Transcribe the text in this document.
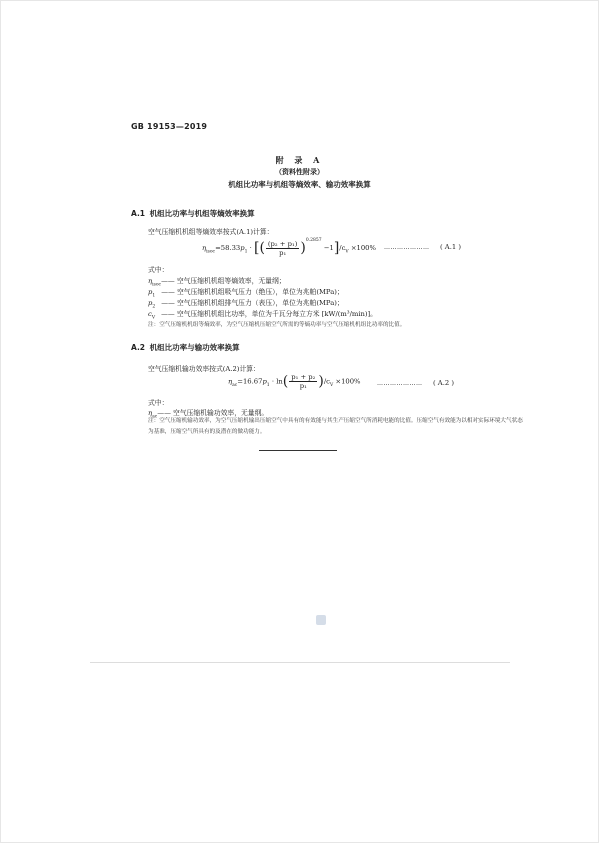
GB 19153—2019
附 录 A
（资料性附录）
机组比功率与机组等熵效率、输功效率换算
A.1 机组比功率与机组等熵效率换算
空气压缩机机组等熵效率按式(A.1)计算：
$\eta_{isoc}=58.33p_1$ · [( $\frac{\text{(p₂ + p₁)}}{\text{p₁}} )^{0.2857} -1]/c_V \times 100\%$ ………………… ( A.1 )
式中：
$\eta_{isoc}——$ 空气压缩机机组等熵效率，无量纲；
$p_1$ —— 空气压缩机机组吸气压力（绝压），单位为兆帕(MPa)；
$p_2$ —— 空气压缩机机组排气压力（表压），单位为兆帕(MPa)；
$c_V$ —— 空气压缩机机组比功率，单位为千瓦分每立方米 [kW/(m³/min)]。
注：空气压缩机机组等熵效率，为空气压缩机压缩空气所需的等熵功率与空气压缩机机组比功率的比值。
A.2 机组比功率与输功效率换算
空气压缩机输功效率按式(A.2)计算：
$\eta_{ac}=16.67p_1 \cdot \ln( \frac{\text{p₁ + p₂}}{\text{p₁}} )/c_V \times 100\%$	………………… ( A.2 )
式中：
$\eta_{ac}——$ 空气压缩机输功效率，无量纲。
注：空气压缩机输功效率，为空气压缩机输出压缩空气中具有的有效能与其生产压缩空气所消耗电能的比值。压缩空气有效能为以相对实际环境大气状态为基准，压缩空气所具有的及潜在的做功能力。
